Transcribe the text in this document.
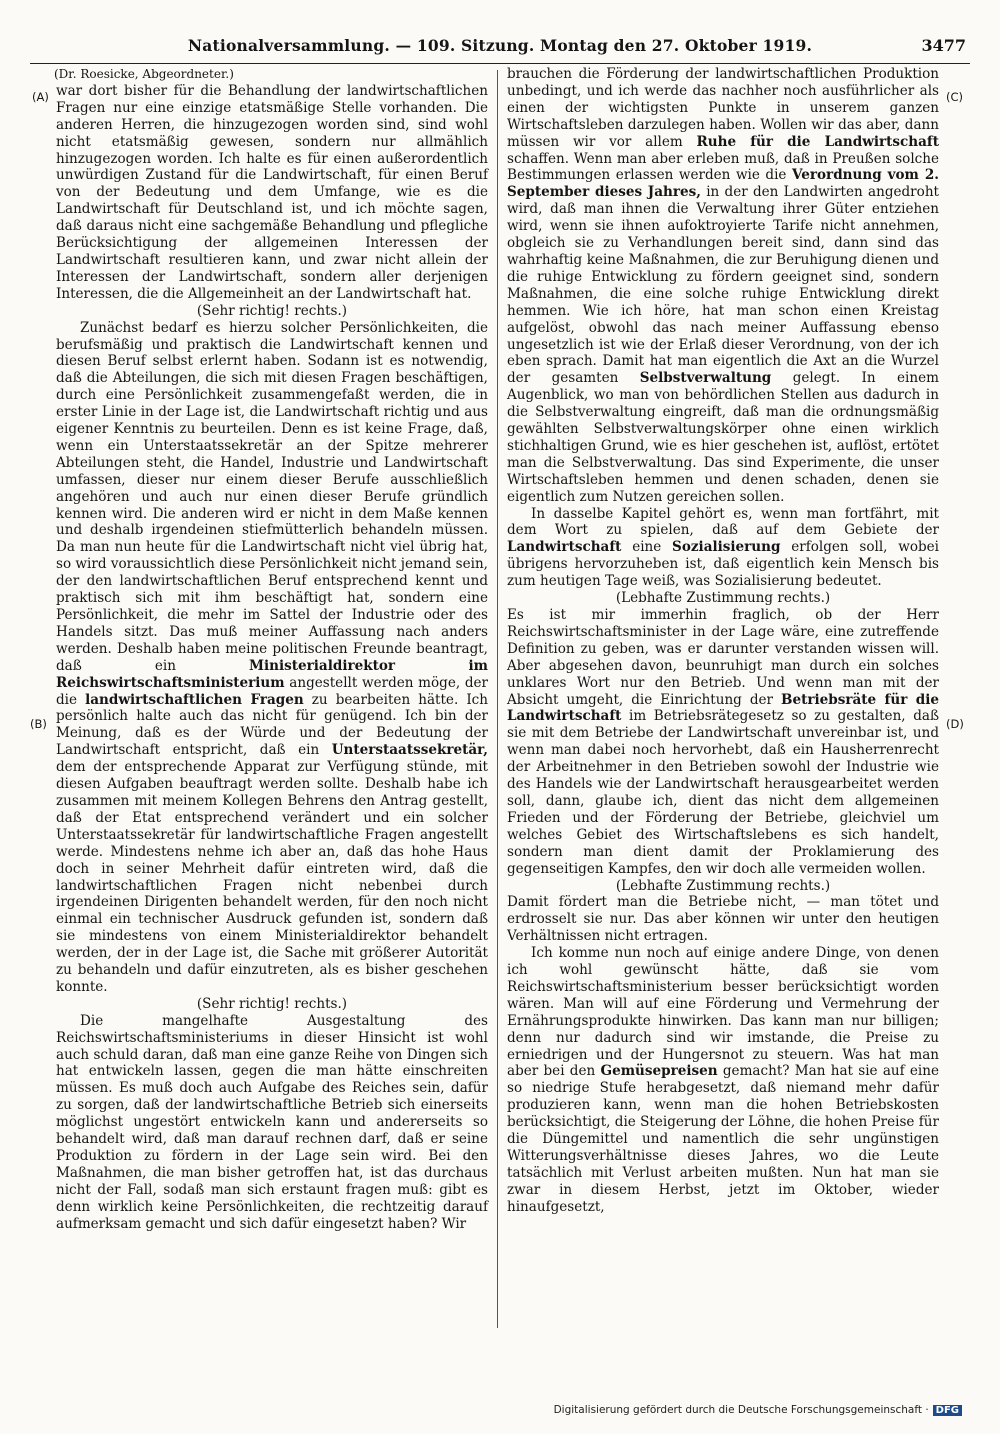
Nationalversammlung. — 109. Sitzung. Montag den 27. Oktober 1919.	3477
(A)
(B)
(C)
(D)

(Dr. Roesicke, Abgeordneter.)

war dort bisher für die Behandlung der landwirtschaftlichen Fragen nur eine einzige etatsmäßige Stelle vorhanden. Die anderen Herren, die hinzugezogen worden sind, sind wohl nicht etatsmäßig gewesen, sondern nur allmählich hinzugezogen worden. Ich halte es für einen außerordentlich unwürdigen Zustand für die Landwirtschaft, für einen Beruf von der Bedeutung und dem Umfange, wie es die Landwirtschaft für Deutschland ist, und ich möchte sagen, daß daraus nicht eine sachgemäße Behandlung und pflegliche Berücksichtigung der allgemeinen Interessen der Landwirtschaft resultieren kann, und zwar nicht allein der Interessen der Landwirtschaft, sondern aller derjenigen Interessen, die die Allgemeinheit an der Landwirtschaft hat.

(Sehr richtig! rechts.)

Zunächst bedarf es hierzu solcher Persönlichkeiten, die berufsmäßig und praktisch die Landwirtschaft kennen und diesen Beruf selbst erlernt haben. Sodann ist es notwendig, daß die Abteilungen, die sich mit diesen Fragen beschäftigen, durch eine Persönlichkeit zusammengefaßt werden, die in erster Linie in der Lage ist, die Landwirtschaft richtig und aus eigener Kenntnis zu beurteilen. Denn es ist keine Frage, daß, wenn ein Unterstaatssekretär an der Spitze mehrerer Abteilungen steht, die Handel, Industrie und Landwirtschaft umfassen, dieser nur einem dieser Berufe ausschließlich angehören und auch nur einen dieser Berufe gründlich kennen wird. Die anderen wird er nicht in dem Maße kennen und deshalb irgendeinen stiefmütterlich behandeln müssen. Da man nun heute für die Landwirtschaft nicht viel übrig hat, so wird voraussichtlich diese Persönlichkeit nicht jemand sein, der den landwirtschaftlichen Beruf entsprechend kennt und praktisch sich mit ihm beschäftigt hat, sondern eine Persönlichkeit, die mehr im Sattel der Industrie oder des Handels sitzt. Das muß meiner Auffassung nach anders werden. Deshalb haben meine politischen Freunde beantragt, daß ein	Ministerialdirektor im Reichswirtschaftsministerium angestellt werden möge, der die landwirtschaftlichen Fragen zu bearbeiten hätte. Ich persönlich halte auch das nicht für genügend. Ich bin der Meinung, daß es der Würde und der Bedeutung der Landwirtschaft entspricht, daß ein Unterstaatssekretär, dem der entsprechende Apparat zur Verfügung stünde, mit diesen Aufgaben beauftragt werden sollte. Deshalb habe ich zusammen mit meinem Kollegen Behrens den Antrag gestellt, daß der Etat entsprechend verändert und ein solcher Unterstaatssekretär für landwirtschaftliche Fragen angestellt werde. Mindestens nehme ich aber an, daß das hohe Haus doch in seiner Mehrheit dafür eintreten wird, daß die landwirtschaftlichen Fragen nicht nebenbei durch irgendeinen Dirigenten behandelt werden, für den noch nicht einmal ein technischer Ausdruck gefunden ist, sondern daß sie mindestens von einem Ministerialdirektor behandelt werden, der in der Lage ist, die Sache mit größerer Autorität zu behandeln und dafür einzutreten, als es bisher geschehen konnte.

(Sehr richtig! rechts.)

Die mangelhafte Ausgestaltung des Reichswirtschaftsministeriums in dieser Hinsicht ist wohl auch schuld daran, daß man eine ganze Reihe von Dingen sich hat entwickeln lassen, gegen die man hätte einschreiten müssen. Es muß doch auch Aufgabe des Reiches sein, dafür zu sorgen, daß der landwirtschaftliche Betrieb sich einerseits möglichst ungestört entwickeln kann und andererseits so behandelt wird, daß man darauf rechnen darf, daß er seine Produktion zu fördern in der Lage sein wird. Bei den Maßnahmen, die man bisher getroffen hat, ist das durchaus nicht der Fall, sodaß man sich erstaunt fragen muß: gibt es denn wirklich keine Persönlichkeiten, die rechtzeitig darauf aufmerksam gemacht und sich dafür eingesetzt haben? Wir

brauchen die Förderung der landwirtschaftlichen Produktion unbedingt, und ich werde das nachher noch ausführlicher als einen der wichtigsten Punkte in unserem ganzen Wirtschaftsleben darzulegen haben. Wollen wir das aber, dann müssen wir vor allem Ruhe für die Landwirtschaft schaffen. Wenn man aber erleben muß, daß in Preußen solche Bestimmungen erlassen werden wie die Verordnung vom 2. September dieses Jahres, in der den Landwirten angedroht wird, daß man ihnen die Verwaltung ihrer Güter entziehen wird, wenn sie ihnen aufoktroyierte Tarife nicht annehmen, obgleich sie zu Verhandlungen bereit sind, dann sind das wahrhaftig keine Maßnahmen, die zur Beruhigung dienen und die ruhige Entwicklung zu fördern geeignet sind, sondern Maßnahmen, die eine solche ruhige Entwicklung direkt hemmen. Wie ich höre, hat man schon einen Kreistag aufgelöst, obwohl das nach meiner Auffassung ebenso ungesetzlich ist wie der Erlaß dieser Verordnung, von der ich eben sprach. Damit hat man eigentlich die Axt an die Wurzel der gesamten Selbstverwaltung gelegt. In einem Augenblick, wo man von behördlichen Stellen aus dadurch in die Selbstverwaltung eingreift, daß man die ordnungsmäßig gewählten Selbstverwaltungskörper ohne einen wirklich stichhaltigen Grund, wie es hier geschehen ist, auflöst, ertötet man die Selbstverwaltung. Das sind Experimente, die unser Wirtschaftsleben hemmen und denen schaden, denen sie eigentlich zum Nutzen gereichen sollen.

In dasselbe Kapitel gehört es, wenn man fortfährt, mit dem Wort zu spielen, daß auf dem Gebiete der Landwirtschaft eine Sozialisierung erfolgen soll, wobei übrigens hervorzuheben ist, daß eigentlich kein Mensch bis zum heutigen Tage weiß, was Sozialisierung bedeutet.

(Lebhafte Zustimmung rechts.)

Es ist mir immerhin fraglich, ob der Herr Reichswirtschaftsminister in der Lage wäre, eine zutreffende Definition zu geben, was er darunter verstanden wissen will. Aber abgesehen davon, beunruhigt man durch ein solches unklares Wort nur den Betrieb. Und wenn man mit der Absicht umgeht, die Einrichtung der Betriebsräte für die Landwirtschaft im Betriebsrätegesetz so zu gestalten, daß sie mit dem Betriebe der Landwirtschaft unvereinbar ist, und wenn man dabei noch hervorhebt, daß ein Hausherrenrecht der Arbeitnehmer in den Betrieben sowohl der Industrie wie des Handels wie der Landwirtschaft herausgearbeitet werden soll, dann, glaube ich, dient das nicht dem allgemeinen Frieden und der Förderung der Betriebe, gleichviel um welches Gebiet des Wirtschaftslebens es sich handelt, sondern man dient damit der Proklamierung des gegenseitigen Kampfes, den wir doch alle vermeiden wollen.

(Lebhafte Zustimmung rechts.)

Damit fördert man die Betriebe nicht, — man tötet und erdrosselt sie nur. Das aber können wir unter den heutigen Verhältnissen nicht ertragen.

Ich komme nun noch auf einige andere Dinge, von denen ich wohl gewünscht hätte, daß sie vom Reichswirtschaftsministerium besser berücksichtigt worden wären. Man will auf eine Förderung und Vermehrung der Ernährungsprodukte hinwirken. Das kann man nur billigen; denn nur dadurch sind wir imstande, die Preise zu erniedrigen und der Hungersnot zu steuern. Was hat man aber bei den Gemüsepreisen gemacht? Man hat sie auf eine so niedrige Stufe herabgesetzt, daß niemand mehr dafür produzieren kann, wenn man die hohen Betriebskosten berücksichtigt, die Steigerung der Löhne, die hohen Preise für die Düngemittel und namentlich die sehr ungünstigen Witterungsverhältnisse dieses Jahres, wo die Leute tatsächlich mit Verlust arbeiten mußten. Nun hat man sie zwar in diesem Herbst, jetzt im Oktober, wieder hinaufgesetzt,

Digitalisierung gefördert durch die Deutsche Forschungsgemeinschaft · DFG
